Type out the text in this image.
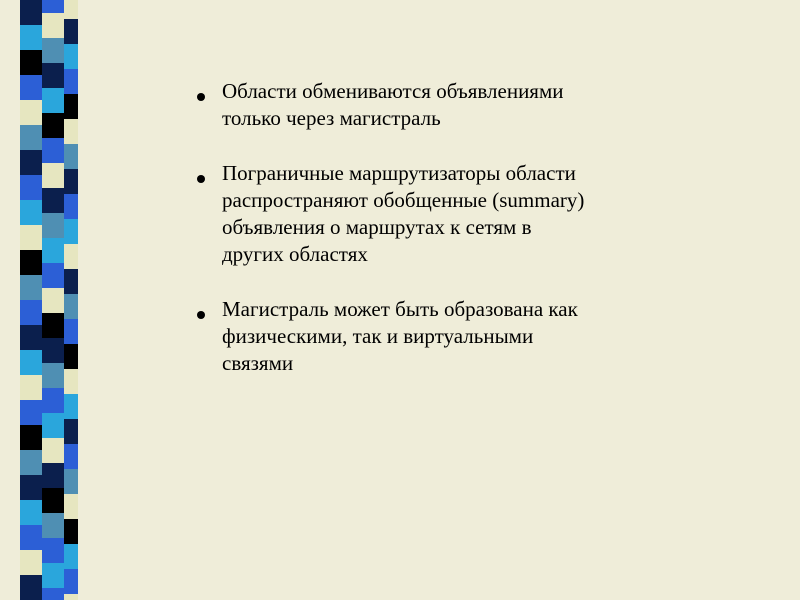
Области обмениваются объявлениями
только через магистраль
Пограничные маршрутизаторы области
распространяют обобщенные (summary)
объявления о маршрутах к сетям в
других областях
Магистраль может быть образована как
физическими, так и виртуальными
связями
